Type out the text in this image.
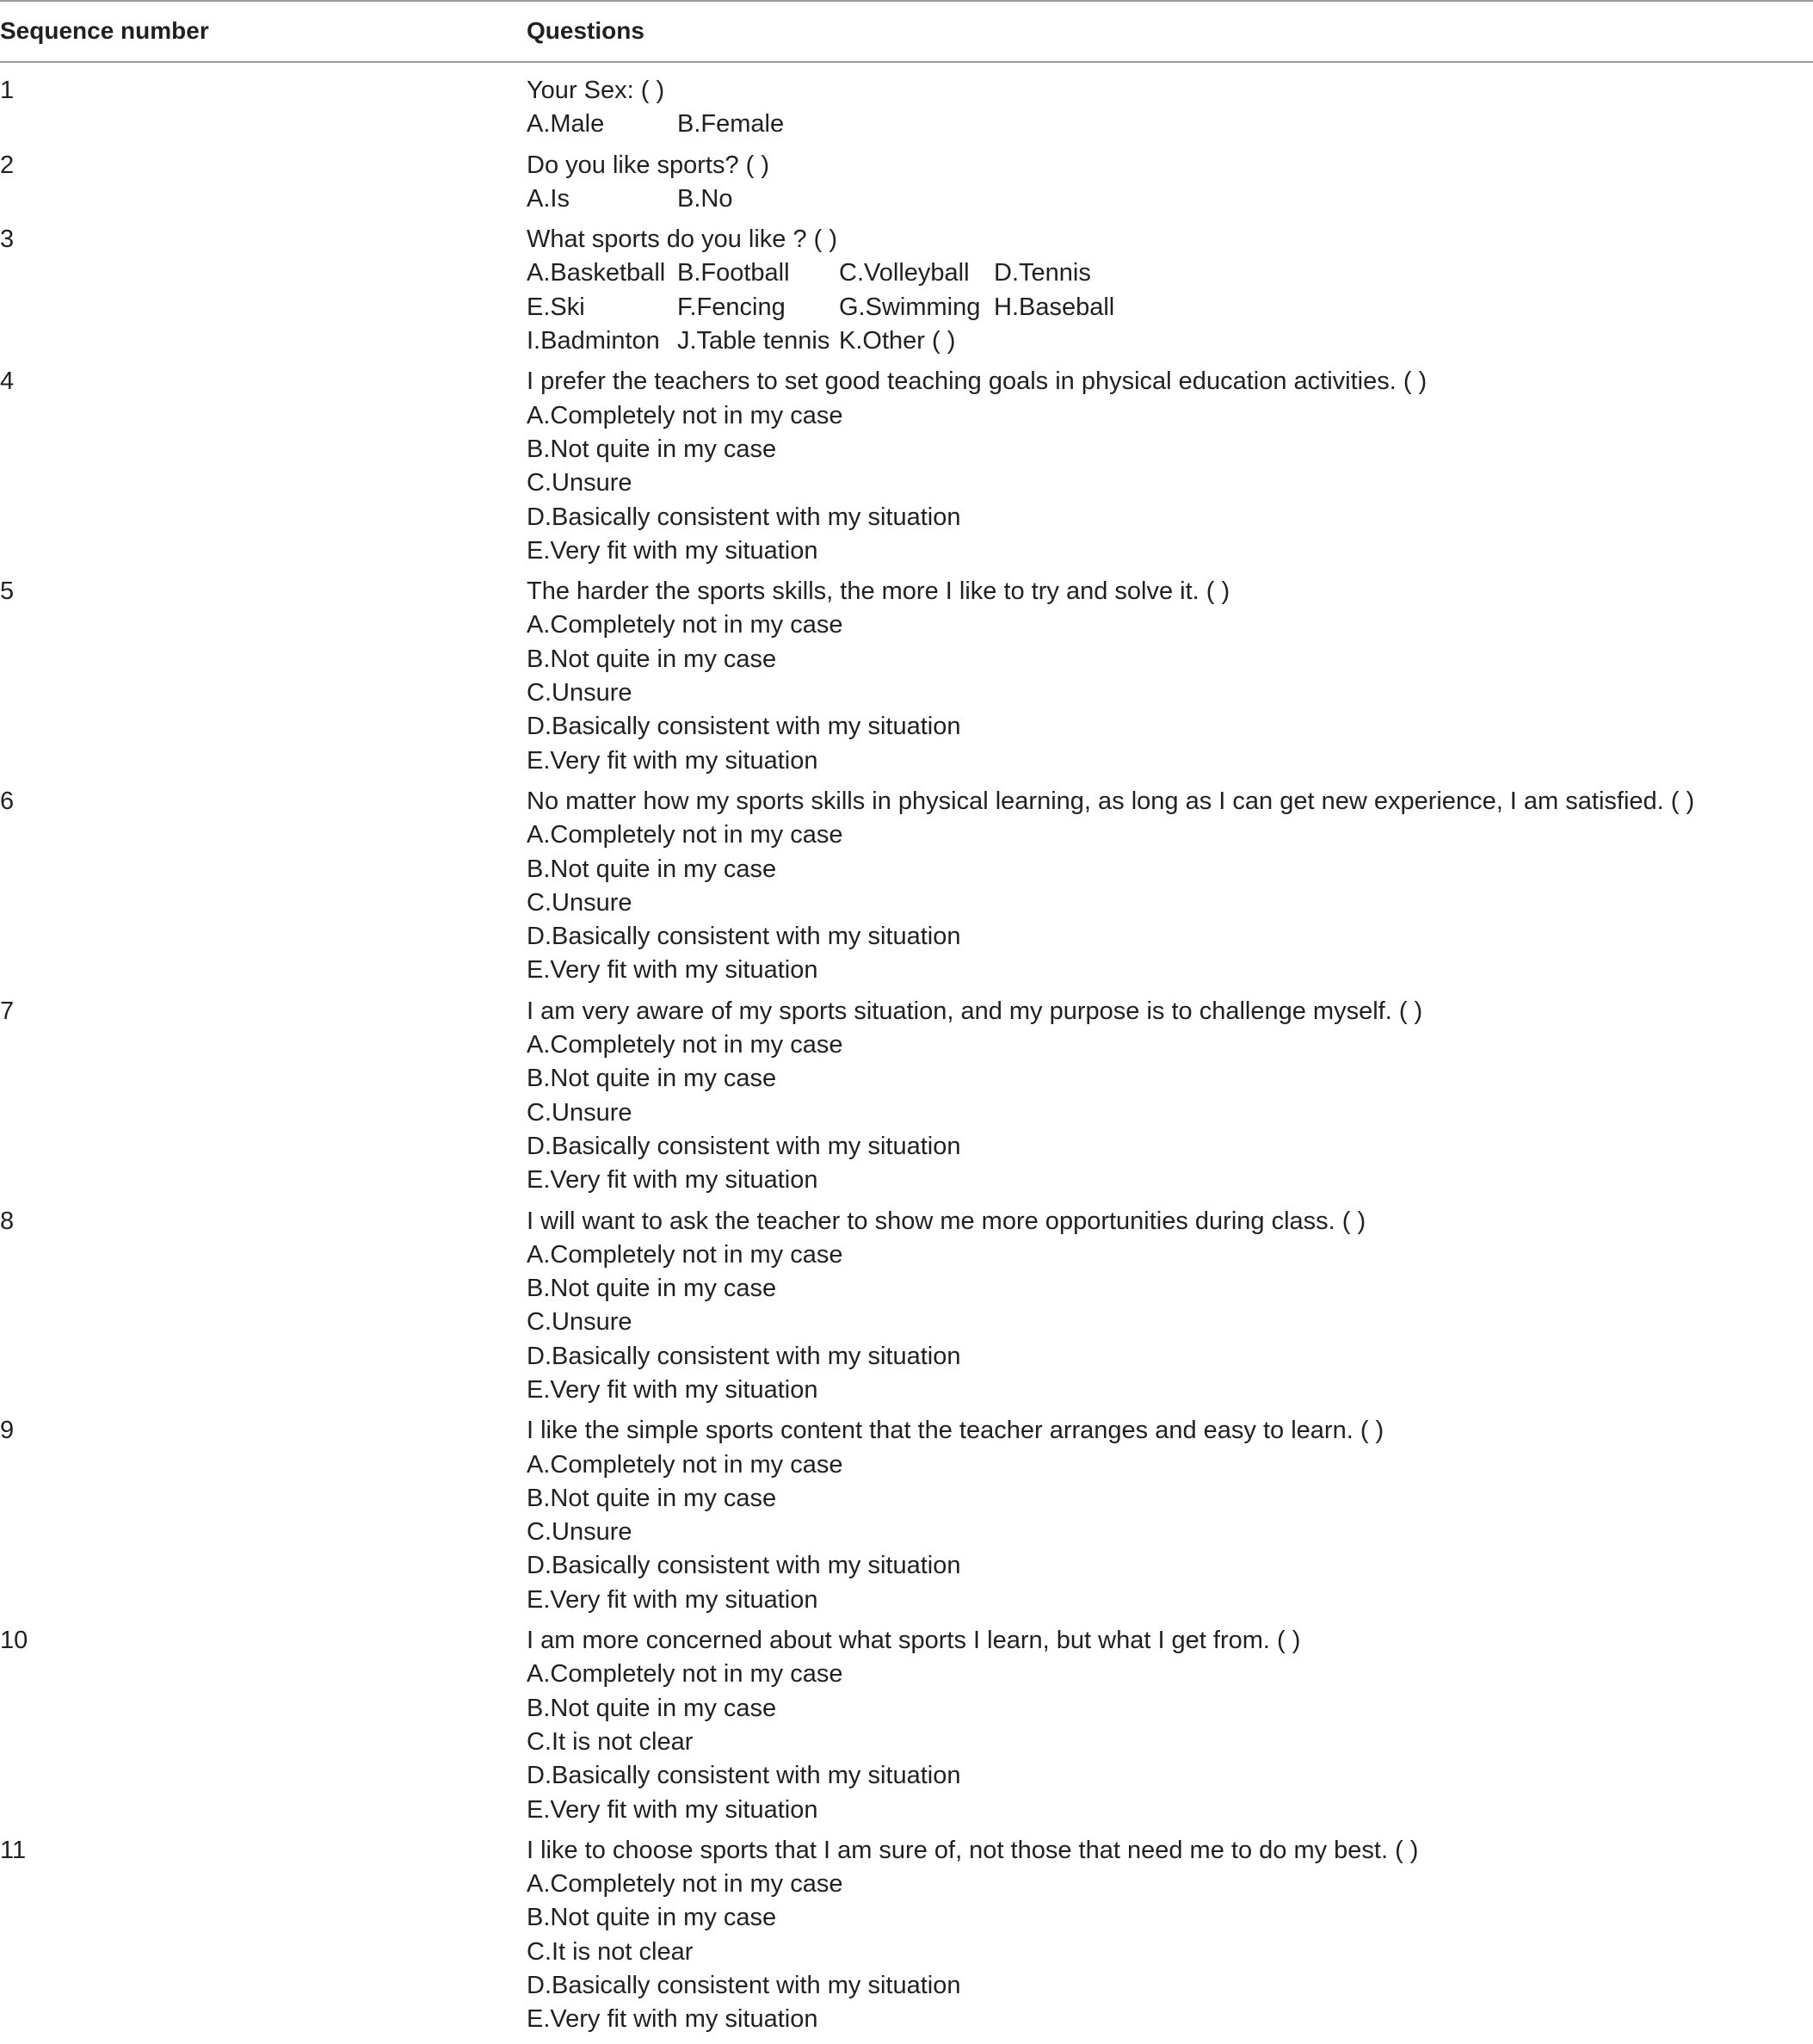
Sequence number	Questions
1	Your Sex: ( )
A.Male	B.Female
2	Do you like sports? ( )
A.Is	B.No
3	What sports do you like ? ( )
A.Basketball B.Football	C.Volleyball D.Tennis
E.Ski	F.Fencing	G.Swimming H.Baseball
I.Badminton J.Table tennis K.Other ( )
4	I prefer the teachers to set good teaching goals in physical education activities. ( )
A.Completely not in my case
B.Not quite in my case
C.Unsure
D.Basically consistent with my situation
E.Very fit with my situation
5	The harder the sports skills, the more I like to try and solve it. ( )
A.Completely not in my case
B.Not quite in my case
C.Unsure
D.Basically consistent with my situation
E.Very fit with my situation
6	No matter how my sports skills in physical learning, as long as I can get new experience, I am satisfied. ( )
A.Completely not in my case
B.Not quite in my case
C.Unsure
D.Basically consistent with my situation
E.Very fit with my situation
7	I am very aware of my sports situation, and my purpose is to challenge myself. ( )
A.Completely not in my case
B.Not quite in my case
C.Unsure
D.Basically consistent with my situation
E.Very fit with my situation
8	I will want to ask the teacher to show me more opportunities during class. ( )
A.Completely not in my case
B.Not quite in my case
C.Unsure
D.Basically consistent with my situation
E.Very fit with my situation
9	I like the simple sports content that the teacher arranges and easy to learn. ( )
A.Completely not in my case
B.Not quite in my case
C.Unsure
D.Basically consistent with my situation
E.Very fit with my situation
10	I am more concerned about what sports I learn, but what I get from. ( )
A.Completely not in my case
B.Not quite in my case
C.It is not clear
D.Basically consistent with my situation
E.Very fit with my situation
11	I like to choose sports that I am sure of, not those that need me to do my best. ( )
A.Completely not in my case
B.Not quite in my case
C.It is not clear
D.Basically consistent with my situation
E.Very fit with my situation
